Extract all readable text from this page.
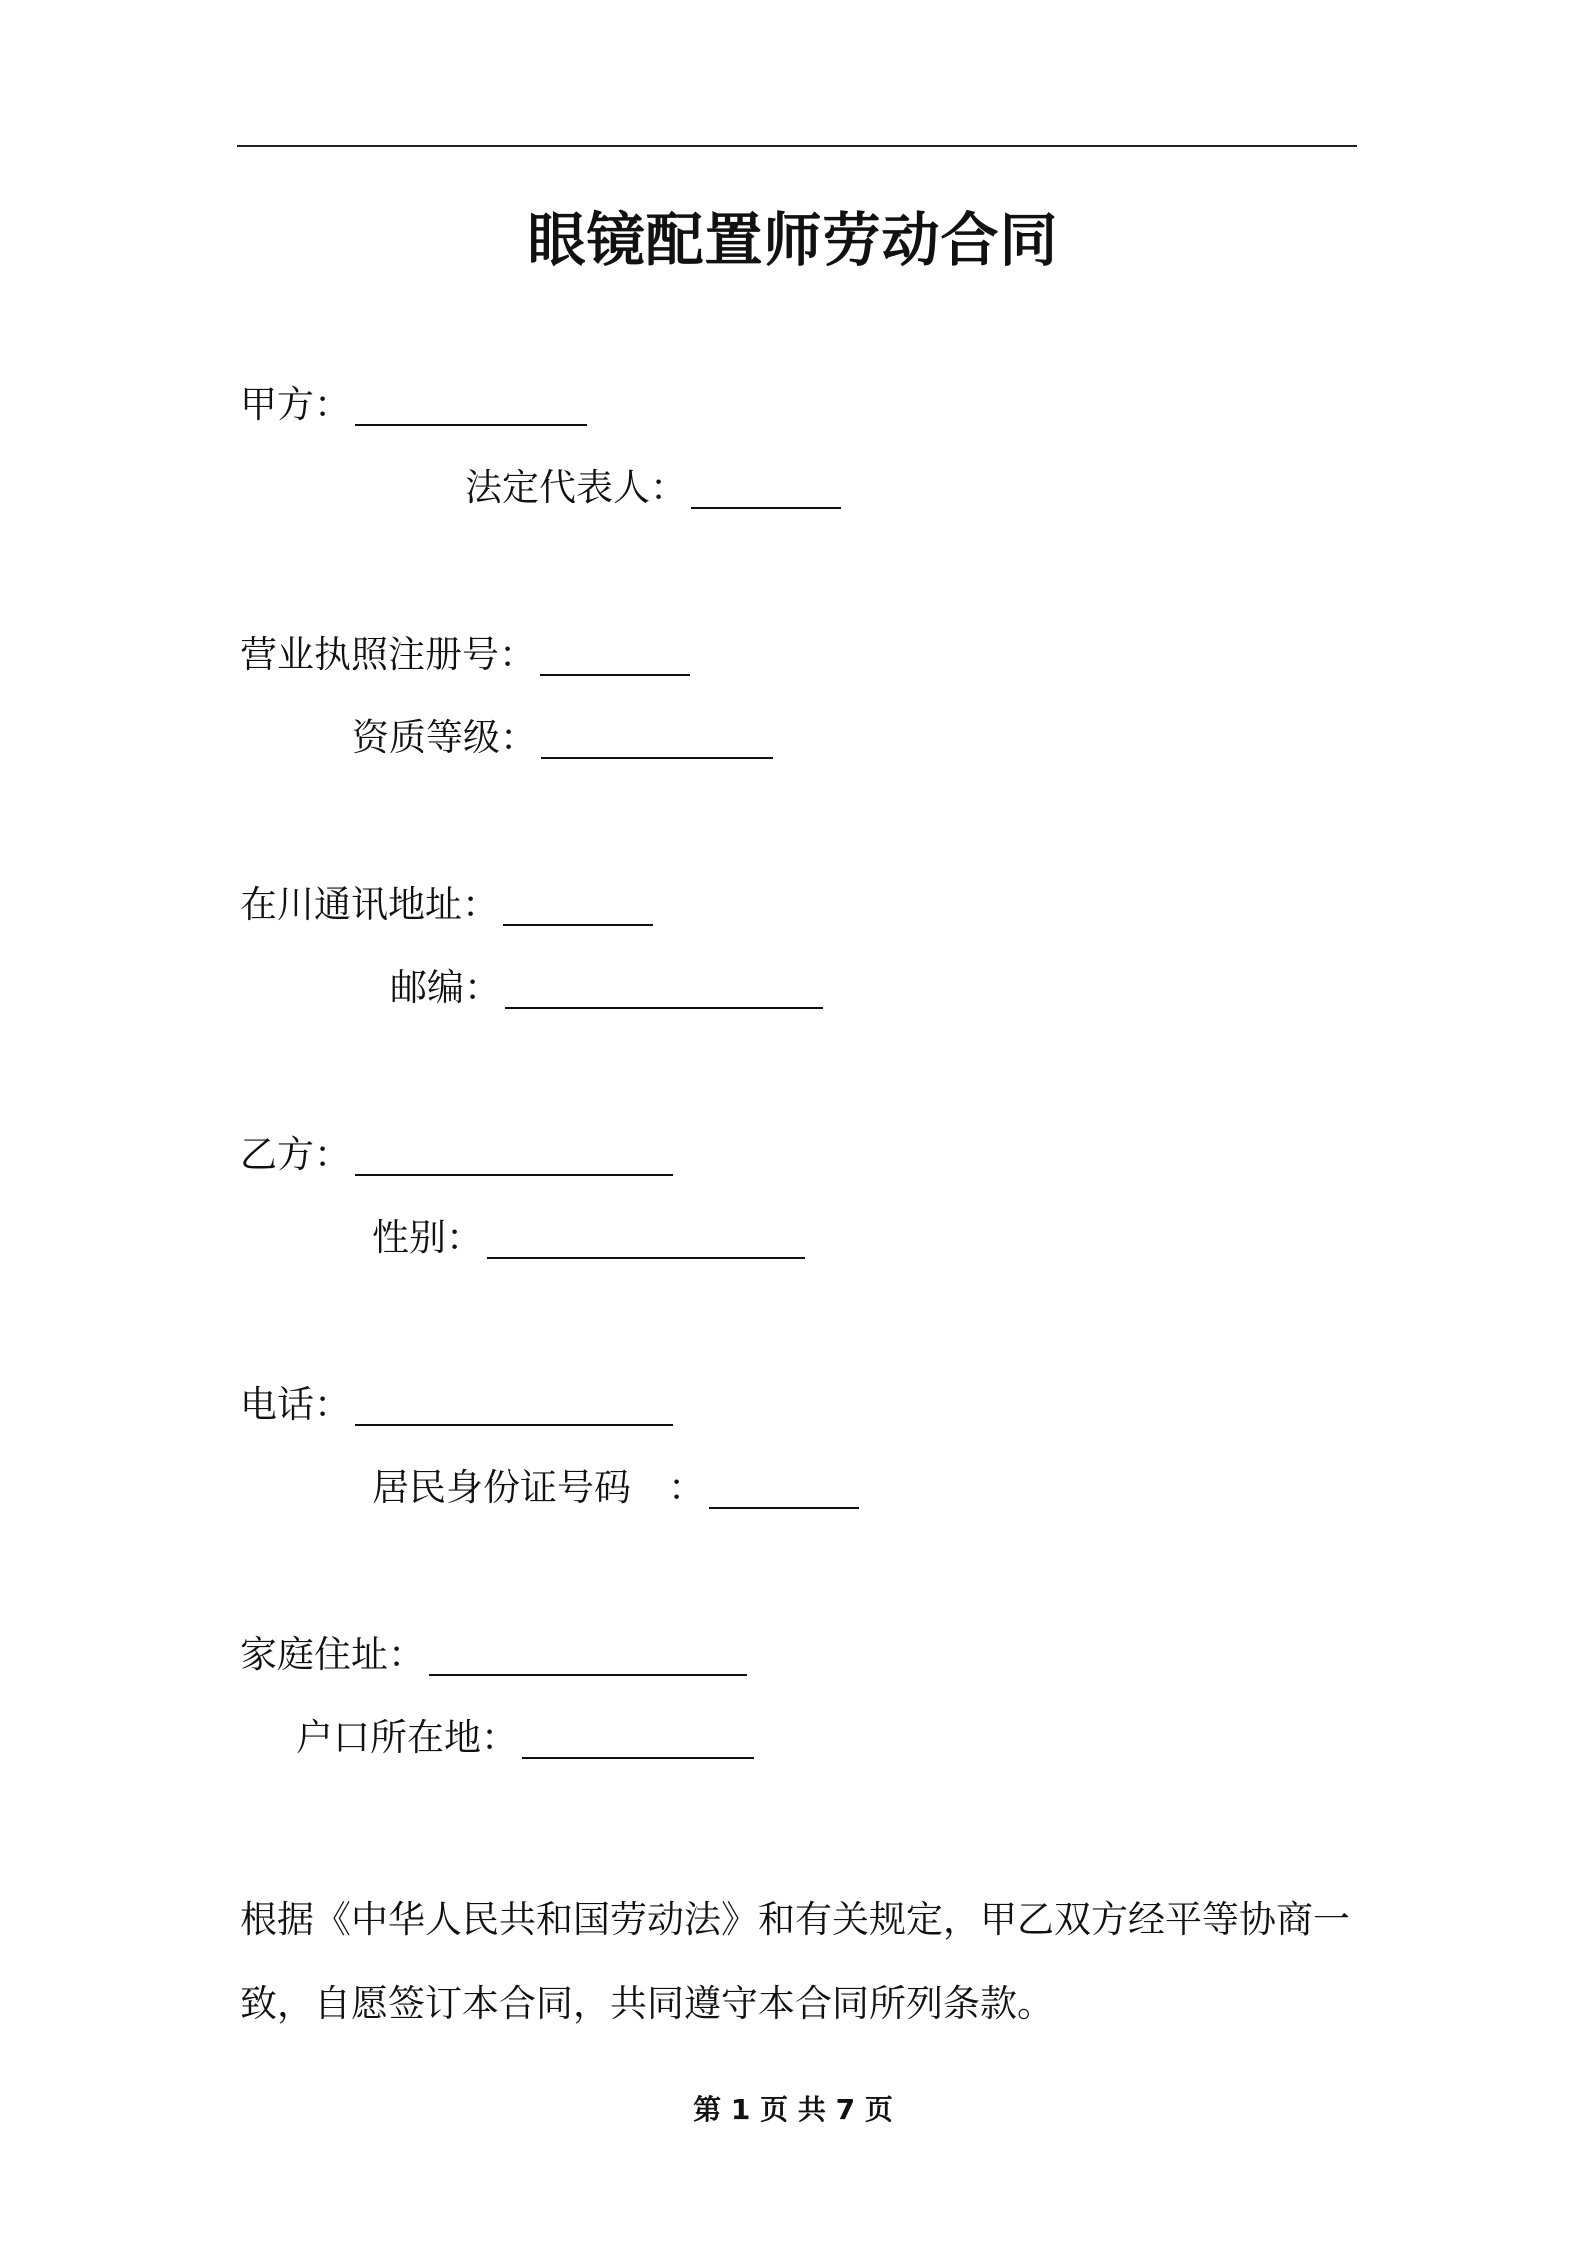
眼镜配置师劳动合同
甲方：
法定代表人：
营业执照注册号：
资质等级：
在川通讯地址：
邮编：
乙方：
性别：
电话：
居民身份证号码　：
家庭住址：
户口所在地：

根据《中华人民共和国劳动法》和有关规定，甲乙双方经平等协商一

致，自愿签订本合同，共同遵守本合同所列条款。

第 1 页 共 7 页
